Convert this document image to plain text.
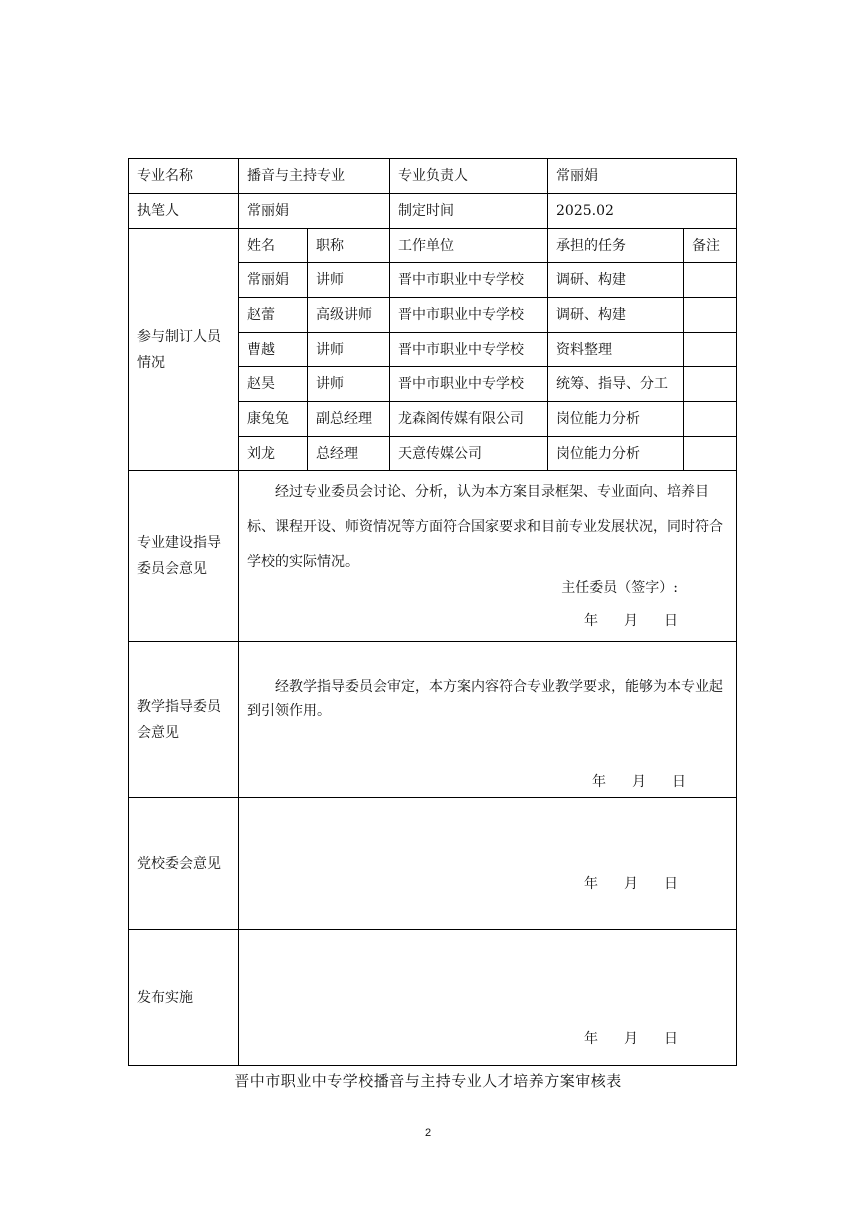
专业名称	播音与主持专业		专业负责人	常丽娟	
执笔人	常丽娟		制定时间	2025.02	
参与制订人员情况	姓名	职称	工作单位	承担的任务	备注
	常丽娟	讲师	晋中市职业中专学校	调研、构建	
	赵蕾	高级讲师	晋中市职业中专学校	调研、构建	
	曹越	讲师	晋中市职业中专学校	资料整理	
	赵昊	讲师	晋中市职业中专学校	统筹、指导、分工	
	康兔兔	副总经理	龙森阁传媒有限公司	岗位能力分析	
	刘龙	总经理	天意传媒公司	岗位能力分析	
专业建设指导委员会意见	经过专业委员会讨论、分析，认为本方案目录框架、专业面向、培养目标、课程开设、师资情况等方面符合国家要求和目前专业发展状况，同时符合学校的实际情况。
主任委员（签字）:
年 月 日				

教学指导委员会意见	经教学指导委员会审定，本方案内容符合专业教学要求，能够为本专业起到引领作用。
年 月 日				

党校委会意见	年 月 日				

发布实施	年 月 日				
晋中市职业中专学校播音与主持专业人才培养方案审核表
2
